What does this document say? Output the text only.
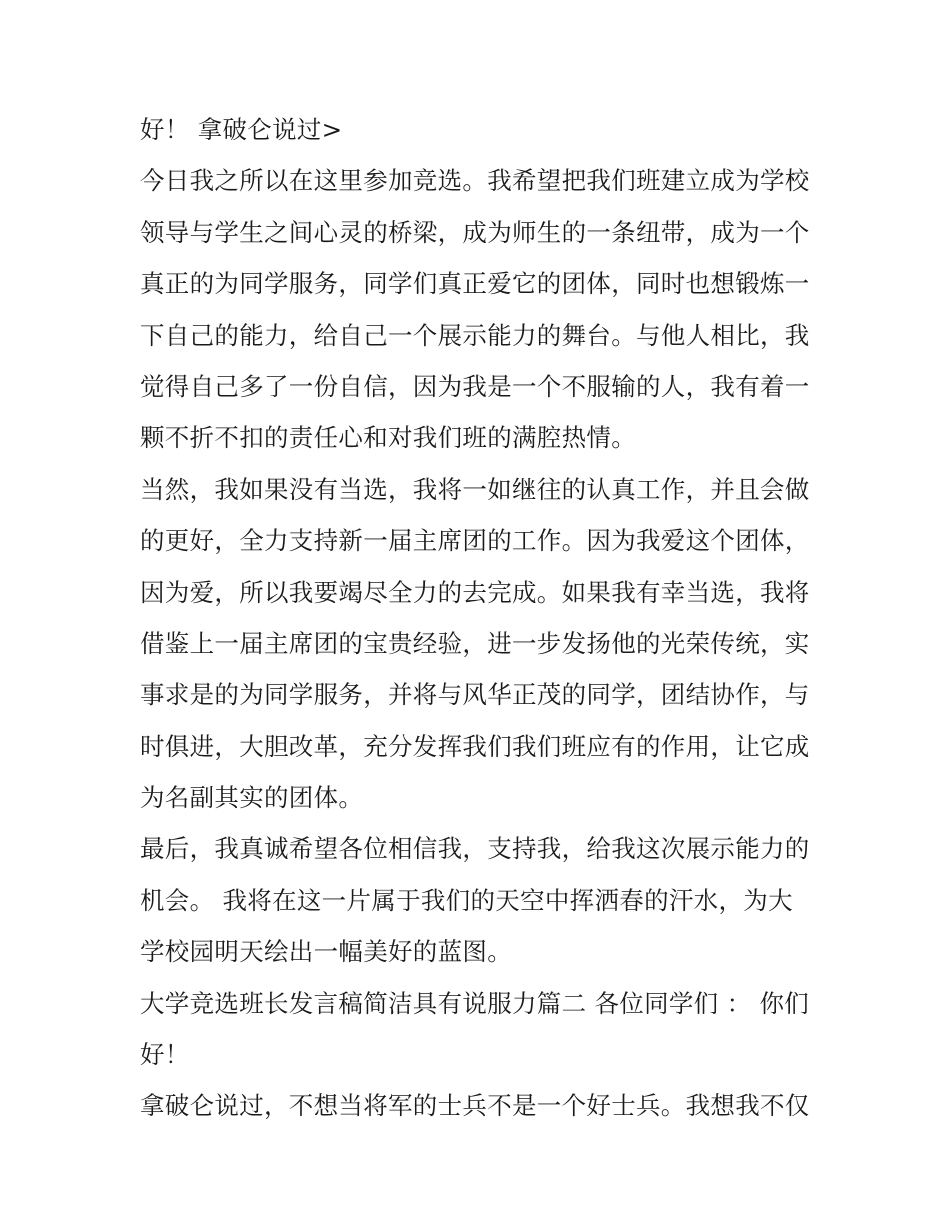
好！ 拿破仑说过>
今日我之所以在这里参加竞选。我希望把我们班建立成为学校
领导与学生之间心灵的桥梁，成为师生的一条纽带，成为一个
真正的为同学服务，同学们真正爱它的团体，同时也想锻炼一
下自己的能力，给自己一个展示能力的舞台。与他人相比，我
觉得自己多了一份自信，因为我是一个不服输的人，我有着一
颗不折不扣的责任心和对我们班的满腔热情。
当然，我如果没有当选，我将一如继往的认真工作，并且会做
的更好，全力支持新一届主席团的工作。因为我爱这个团体，
因为爱，所以我要竭尽全力的去完成。如果我有幸当选，我将
借鉴上一届主席团的宝贵经验，进一步发扬他的光荣传统，实
事求是的为同学服务，并将与风华正茂的同学，团结协作，与
时俱进，大胆改革，充分发挥我们我们班应有的作用，让它成
为名副其实的团体。
最后，我真诚希望各位相信我，支持我，给我这次展示能力的
机会。 我将在这一片属于我们的天空中挥洒春的汗水，为大
学校园明天绘出一幅美好的蓝图。
大学竞选班长发言稿简洁具有说服力篇二 各位同学们 ： 你们
好！
拿破仑说过，不想当将军的士兵不是一个好士兵。我想我不仅
